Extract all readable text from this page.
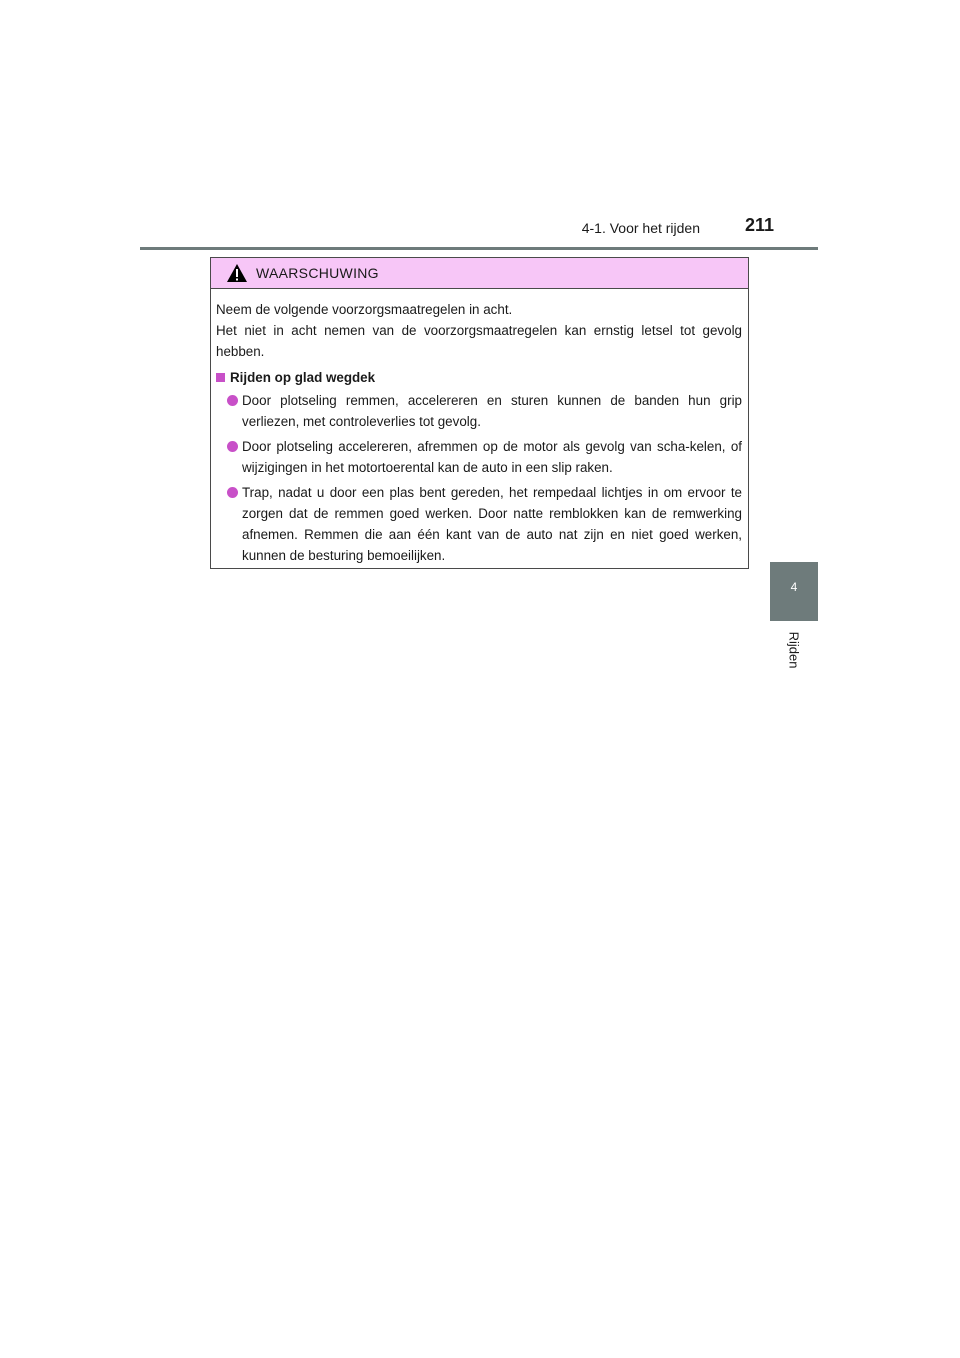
4-1. Voor het rijden 211
4
Rijden
WAARSCHUWING

Neem de volgende voorzorgsmaatregelen in acht.
Het niet in acht nemen van de voorzorgsmaatregelen kan ernstig letsel tot gevolg hebben.

Rijden op glad wegdek
Door plotseling remmen, accelereren en sturen kunnen de banden hun grip verliezen, met controleverlies tot gevolg.
Door plotseling accelereren, afremmen op de motor als gevolg van scha-kelen, of wijzigingen in het motortoerental kan de auto in een slip raken.
Trap, nadat u door een plas bent gereden, het rempedaal lichtjes in om ervoor te zorgen dat de remmen goed werken. Door natte remblokken kan de remwerking afnemen. Remmen die aan één kant van de auto nat zijn en niet goed werken, kunnen de besturing bemoeilijken.
